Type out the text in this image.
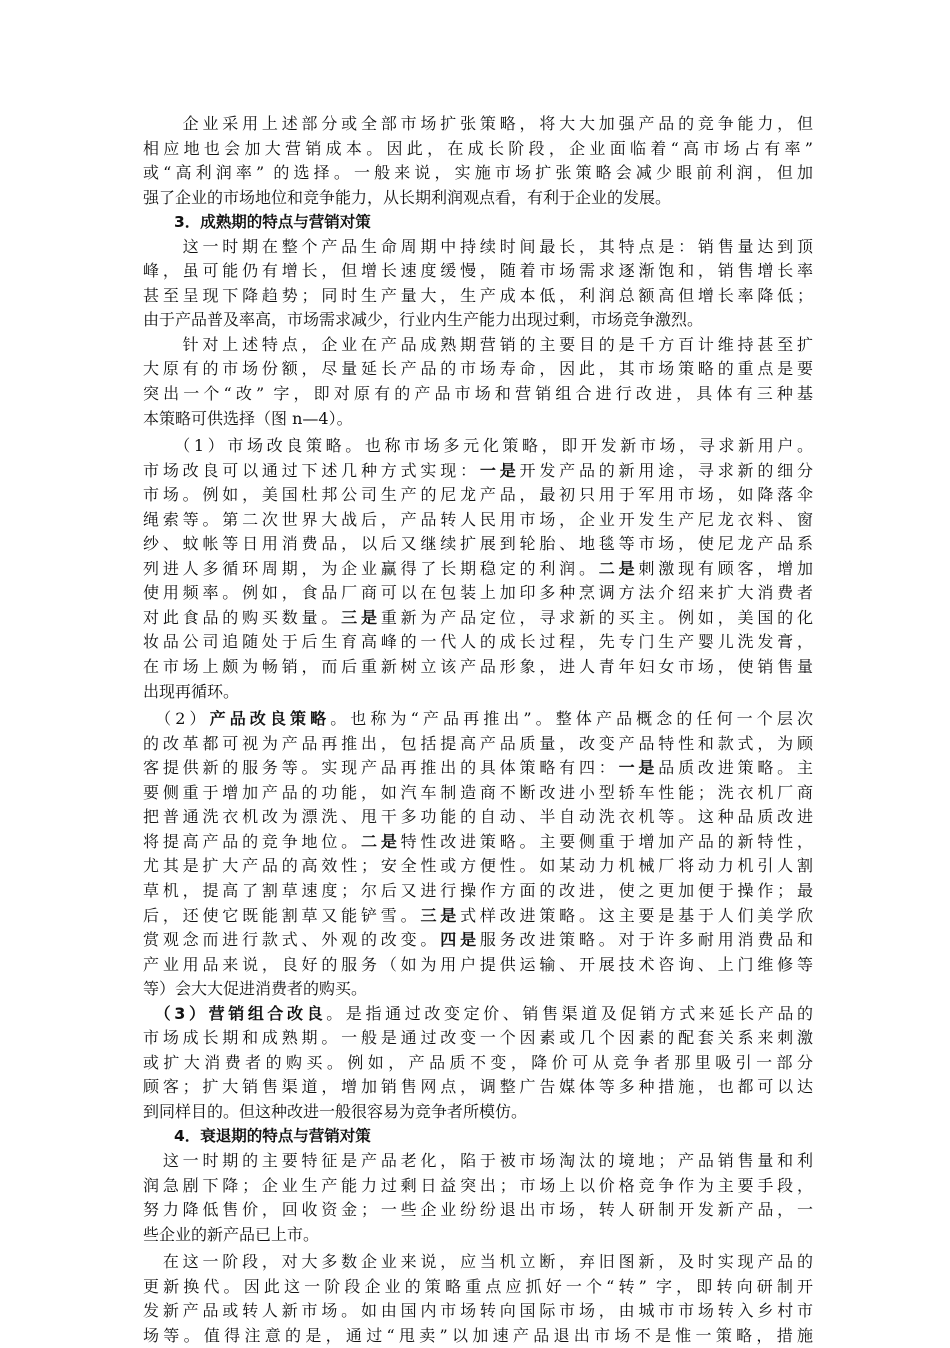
　　企业采用上述部分或全部市场扩张策略，将大大加强产品的竞争能力，但
相应地也会加大营销成本。因此，在成长阶段，企业面临着“高市场占有率”
或“高利润率” 的选择。一般来说，实施市场扩张策略会减少眼前利润，但加
强了企业的市场地位和竞争能力，从长期利润观点看，有利于企业的发展。
　　3．成熟期的特点与营销对策
　　这一时期在整个产品生命周期中持续时间最长，其特点是：销售量达到顶
峰，虽可能仍有增长，但增长速度缓慢，随着市场需求逐渐饱和，销售增长率
甚至呈现下降趋势；同时生产量大，生产成本低，利润总额高但增长率降低；
由于产品普及率高，市场需求减少，行业内生产能力出现过剩，市场竞争激烈。
　　针对上述特点，企业在产品成熟期营销的主要目的是千方百计维持甚至扩
大原有的市场份额，尽量延长产品的市场寿命，因此，其市场策略的重点是要
突出一个“改” 字，即对原有的产品市场和营销组合进行改进，具体有三种基
本策略可供选择（图 n—4）。
　　（1）市场改良策略。也称市场多元化策略，即开发新市场，寻求新用户。
市场改良可以通过下述几种方式实现：一是开发产品的新用途，寻求新的细分
市场。例如，美国杜邦公司生产的尼龙产品，最初只用于军用市场，如降落伞
绳索等。第二次世界大战后，产品转人民用市场，企业开发生产尼龙衣料、窗
纱、蚊帐等日用消费品，以后又继续扩展到轮胎、地毯等市场，使尼龙产品系
列进人多循环周期，为企业赢得了长期稳定的利润。二是刺激现有顾客，增加
使用频率。例如，食品厂商可以在包装上加印多种烹调方法介绍来扩大消费者
对此食品的购买数量。三是重新为产品定位，寻求新的买主。例如，美国的化
妆品公司追随处于后生育高峰的一代人的成长过程，先专门生产婴儿洗发膏，
在市场上颇为畅销，而后重新树立该产品形象，进人青年妇女市场，使销售量
出现再循环。
　（2）产品改良策略。也称为“产品再推出”。整体产品概念的任何一个层次
的改革都可视为产品再推出，包括提高产品质量，改变产品特性和款式，为顾
客提供新的服务等。实现产品再推出的具体策略有四：一是品质改进策略。主
要侧重于增加产品的功能，如汽车制造商不断改进小型轿车性能；洗衣机厂商
把普通洗衣机改为漂洗、甩干多功能的自动、半自动洗衣机等。这种品质改进
将提高产品的竞争地位。二是特性改进策略。主要侧重于增加产品的新特性，
尤其是扩大产品的高效性；安全性或方便性。如某动力机械厂将动力机引人割
草机，提高了割草速度；尔后又进行操作方面的改进，使之更加便于操作；最
后，还使它既能割草又能铲雪。三是式样改进策略。这主要是基于人们美学欣
赏观念而进行款式、外观的改变。四是服务改进策略。对于许多耐用消费品和
产业用品来说，良好的服务（如为用户提供运输、开展技术咨询、上门维修等
等）会大大促进消费者的购买。
　（3）营销组合改良。是指通过改变定价、销售渠道及促销方式来延长产品的
市场成长期和成熟期。一般是通过改变一个因素或几个因素的配套关系来刺激
或扩大消费者的购买。例如，产品质不变，降价可从竞争者那里吸引一部分
顾客；扩大销售渠道，增加销售网点，调整广告媒体等多种措施，也都可以达
到同样目的。但这种改进一般很容易为竞争者所模仿。
　　4．衰退期的特点与营销对策
　这一时期的主要特征是产品老化，陷于被市场淘汰的境地；产品销售量和利
润急剧下降；企业生产能力过剩日益突出；市场上以价格竞争作为主要手段，
努力降低售价，回收资金；一些企业纷纷退出市场，转人研制开发新产品，一
些企业的新产品已上市。
　在这一阶段，对大多数企业来说，应当机立断，弃旧图新，及时实现产品的
更新换代。因此这一阶段企业的策略重点应抓好一个“转” 字，即转向研制开
发新产品或转人新市场。如由国内市场转向国际市场，由城市市场转入乡村市
场等。值得注意的是，通过“甩卖”以加速产品退出市场不是惟一策略，措施
